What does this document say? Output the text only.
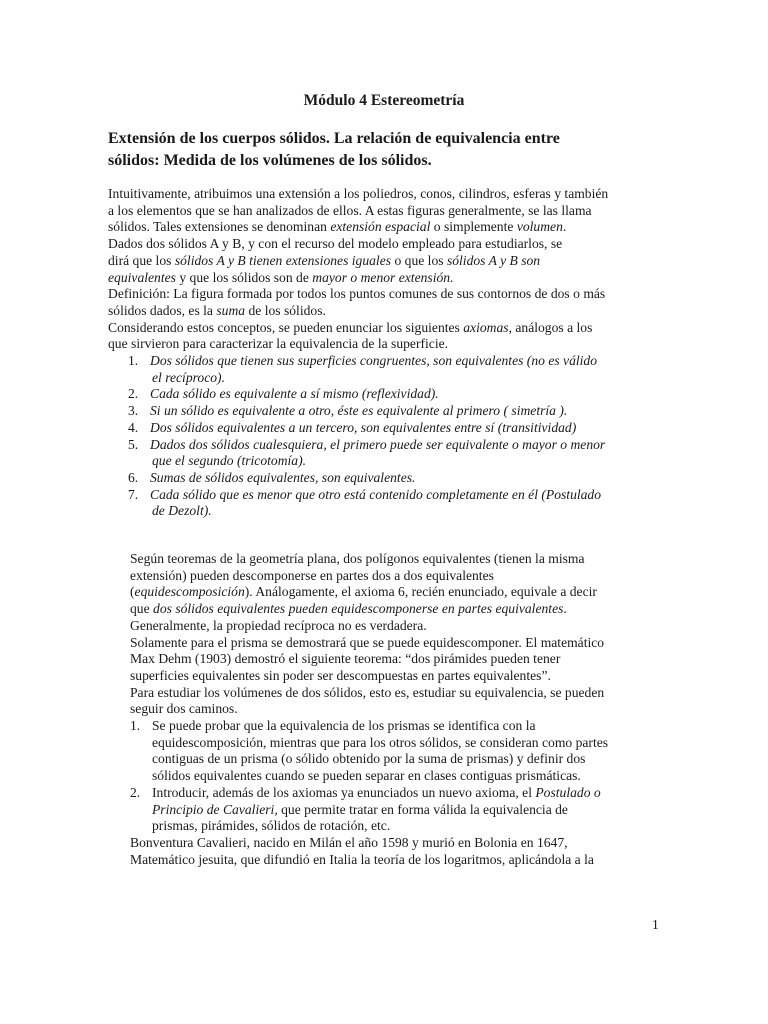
Módulo 4 Estereometría
Extensión de los cuerpos sólidos. La relación de equivalencia entre
sólidos: Medida de los volúmenes de los sólidos.
Intuitivamente, atribuimos una extensión a los poliedros, conos, cilindros, esferas y también
a los elementos que se han analizados de ellos. A estas figuras generalmente, se las llama
sólidos. Tales extensiones se denominan extensión espacial o simplemente volumen.
Dados dos sólidos A y B, y con el recurso del modelo empleado para estudiarlos, se
dirá que los sólidos A y B tienen extensiones iguales o que los sólidos A y B son
equivalentes y que los sólidos son de mayor o menor extensión.
Definición: La figura formada por todos los puntos comunes de sus contornos de dos o más
sólidos dados, es la suma de los sólidos.
Considerando estos conceptos, se pueden enunciar los siguientes axiomas, análogos a los
que sirvieron para caracterizar la equivalencia de la superficie.
1. Dos sólidos que tienen sus superficies congruentes, son equivalentes (no es válido
el recíproco).
2. Cada sólido es equivalente a sí mismo (reflexividad).
3. Si un sólido es equivalente a otro, éste es equivalente al primero ( simetría ).
4. Dos sólidos equivalentes a un tercero, son equivalentes entre sí (transitividad)
5. Dados dos sólidos cualesquiera, el primero puede ser equivalente o mayor o menor
que el segundo (tricotomía).
6. Sumas de sólidos equivalentes, son equivalentes.
7. Cada sólido que es menor que otro está contenido completamente en él (Postulado
de Dezolt).
Según teoremas de la geometría plana, dos polígonos equivalentes (tienen la misma
extensión) pueden descomponerse en partes dos a dos equivalentes
(equidescomposición). Análogamente, el axioma 6, recién enunciado, equivale a decir
que dos sólidos equivalentes pueden equidescomponerse en partes equivalentes.
Generalmente, la propiedad recíproca no es verdadera.
Solamente para el prisma se demostrará que se puede equidescomponer. El matemático
Max Dehm (1903) demostró el siguiente teorema: “dos pirámides pueden tener
superficies equivalentes sin poder ser descompuestas en partes equivalentes”.
Para estudiar los volúmenes de dos sólidos, esto es, estudiar su equivalencia, se pueden
seguir dos caminos.
1. Se puede probar que la equivalencia de los prismas se identifica con la
equidescomposición, mientras que para los otros sólidos, se consideran como partes
contiguas de un prisma (o sólido obtenido por la suma de prismas) y definir dos
sólidos equivalentes cuando se pueden separar en clases contiguas prismáticas.
2. Introducir, además de los axiomas ya enunciados un nuevo axioma, el Postulado o
Principio de Cavalieri, que permite tratar en forma válida la equivalencia de
prismas, pirámides, sólidos de rotación, etc.
Bonventura Cavalieri, nacido en Milán el año 1598 y murió en Bolonia en 1647,
Matemático jesuita, que difundió en Italia la teoría de los logaritmos, aplicándola a la
1
